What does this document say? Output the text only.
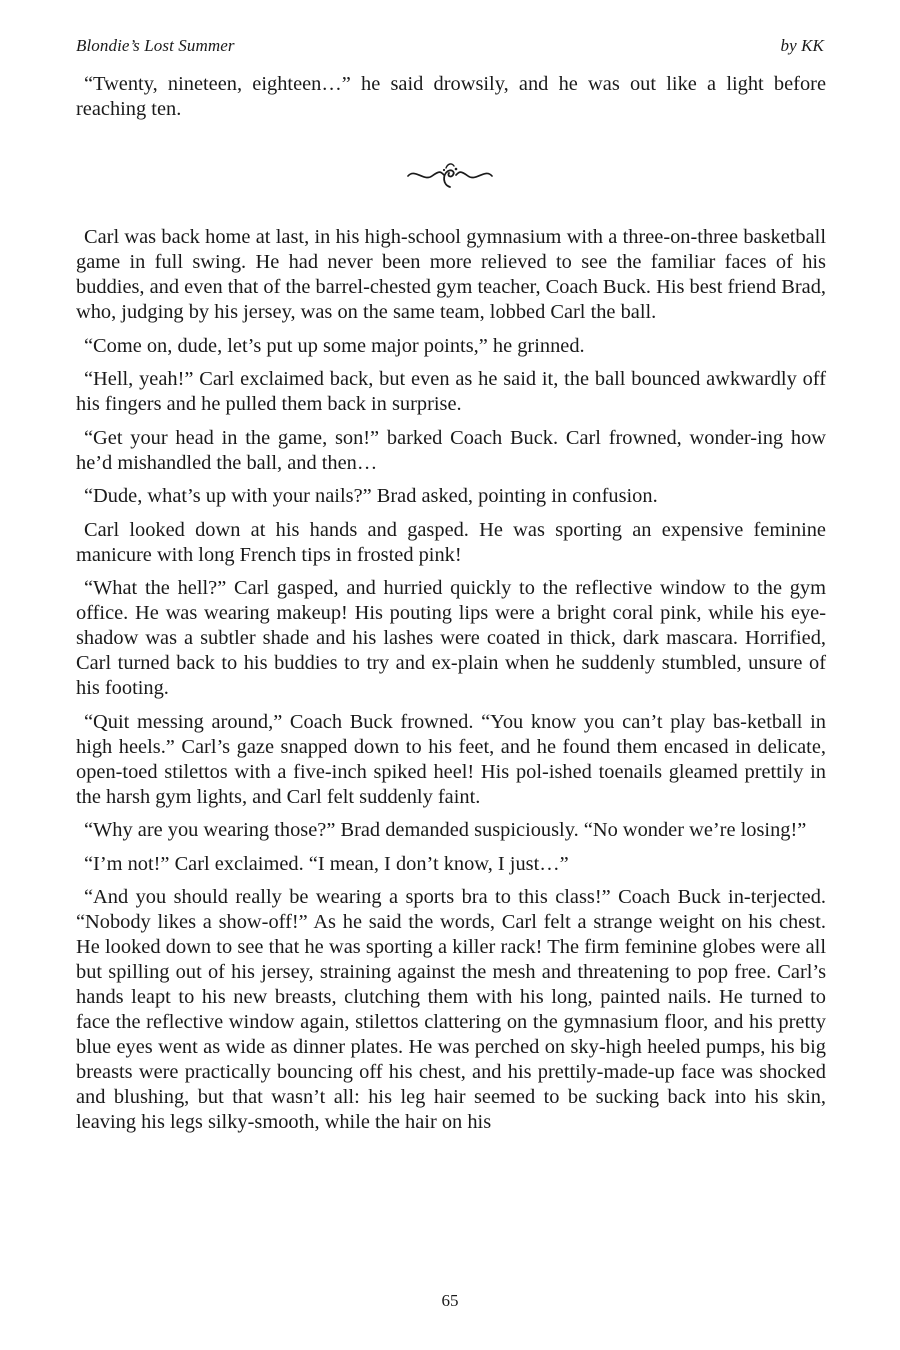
Blondie’s Lost Summer	by KK

“Twenty, nineteen, eighteen…” he said drowsily, and he was out like a light before reaching ten.

Carl was back home at last, in his high-school gymnasium with a three-on-three basketball game in full swing. He had never been more relieved to see the familiar faces of his buddies, and even that of the barrel-chested gym teacher, Coach Buck. His best friend Brad, who, judging by his jersey, was on the same team, lobbed Carl the ball.

“Come on, dude, let’s put up some major points,” he grinned.

“Hell, yeah!” Carl exclaimed back, but even as he said it, the ball bounced awkwardly off his fingers and he pulled them back in surprise.

“Get your head in the game, son!” barked Coach Buck. Carl frowned, wonder-ing how he’d mishandled the ball, and then…

“Dude, what’s up with your nails?” Brad asked, pointing in confusion.

Carl looked down at his hands and gasped. He was sporting an expensive feminine manicure with long French tips in frosted pink!

“What the hell?” Carl gasped, and hurried quickly to the reflective window to the gym office. He was wearing makeup! His pouting lips were a bright coral pink, while his eye-shadow was a subtler shade and his lashes were coated in thick, dark mascara. Horrified, Carl turned back to his buddies to try and ex-plain when he suddenly stumbled, unsure of his footing.

“Quit messing around,” Coach Buck frowned. “You know you can’t play bas-ketball in high heels.” Carl’s gaze snapped down to his feet, and he found them encased in delicate, open-toed stilettos with a five-inch spiked heel! His pol-ished toenails gleamed prettily in the harsh gym lights, and Carl felt suddenly faint.

“Why are you wearing those?” Brad demanded suspiciously. “No wonder we’re losing!”

“I’m not!” Carl exclaimed. “I mean, I don’t know, I just…”

“And you should really be wearing a sports bra to this class!” Coach Buck in-terjected. “Nobody likes a show-off!” As he said the words, Carl felt a strange weight on his chest. He looked down to see that he was sporting a killer rack! The firm feminine globes were all but spilling out of his jersey, straining against the mesh and threatening to pop free. Carl’s hands leapt to his new breasts, clutching them with his long, painted nails. He turned to face the reflective window again, stilettos clattering on the gymnasium floor, and his pretty blue eyes went as wide as dinner plates. He was perched on sky-high heeled pumps, his big breasts were practically bouncing off his chest, and his prettily-made-up face was shocked and blushing, but that wasn’t all: his leg hair seemed to be sucking back into his skin, leaving his legs silky-smooth, while the hair on his

65
